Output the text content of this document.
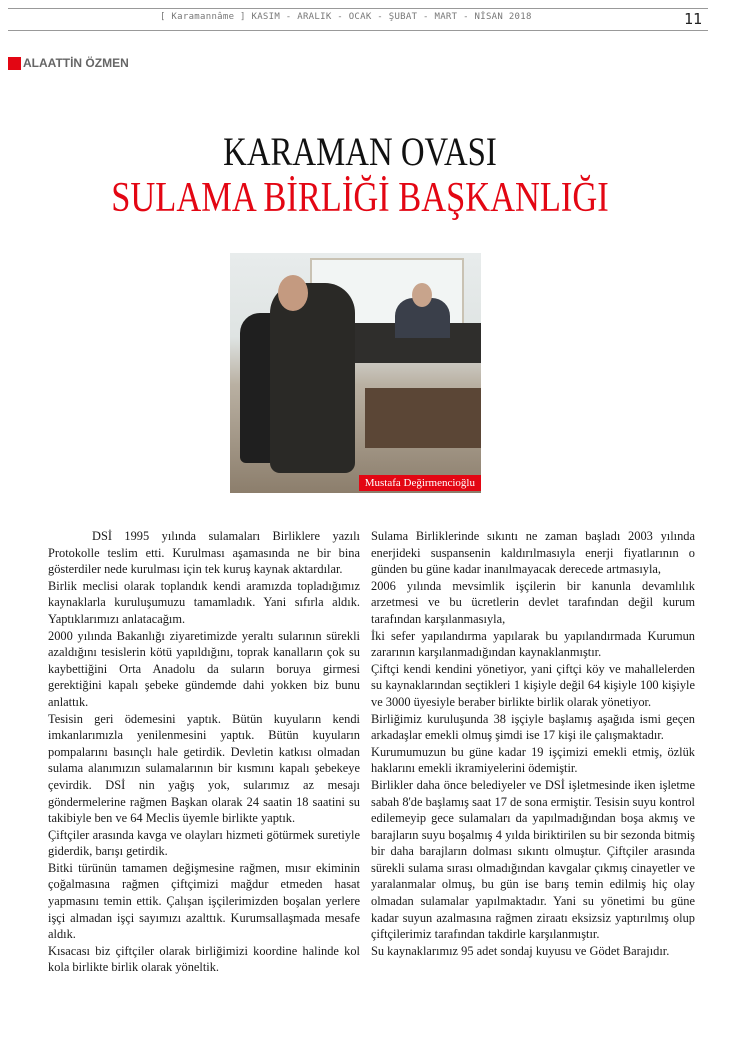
[ Karamannâme ] KASIM - ARALIK - OCAK - ŞUBAT - MART - NİSAN 2018	11
ALAATTİN ÖZMEN
KARAMAN OVASI
SULAMA BİRLİĞİ BAŞKANLIĞI
Mustafa Değirmencioğlu

DSİ 1995 yılında sulamaları Birliklere yazılı Protokolle teslim etti. Kurulması aşamasında ne bir bina gösterdiler nede kurulması için tek kuruş kaynak aktardılar.

Birlik meclisi olarak toplandık kendi aramızda topladığımız kaynaklarla kuruluşumuzu tamamladık. Yani sıfırla aldık. Yaptıklarımızı anlatacağım.

2000 yılında Bakanlığı ziyaretimizde yeraltı sularının sürekli azaldığını tesislerin kötü yapıldığını, toprak kanalların çok su kaybettiğini Orta Anadolu da suların boruya girmesi gerektiğini kapalı şebeke gündemde dahi yokken biz bunu anlattık.

Tesisin geri ödemesini yaptık. Bütün kuyuların kendi imkanlarımızla yenilenmesini yaptık. Bütün kuyuların pompalarını basınçlı hale getirdik. Devletin katkısı olmadan sulama alanımızın sulamalarının bir kısmını kapalı şebekeye çevirdik. DSİ nin yağış yok, sularımız az mesajı göndermelerine rağmen Başkan olarak 24 saatin 18 saatini su takibiyle ben ve 64 Meclis üyemle birlikte yaptık.

Çiftçiler arasında kavga ve olayları hizmeti götürmek suretiyle giderdik, barışı getirdik.

Bitki türünün tamamen değişmesine rağmen, mısır ekiminin çoğalmasına rağmen çiftçimizi mağdur etmeden hasat yapmasını temin ettik. Çalışan işçilerimizden boşalan yerlere işçi almadan işçi sayımızı azalttık. Kurumsallaşmada mesafe aldık.

Kısacası biz çiftçiler olarak birliğimizi koordine halinde kol kola birlikte birlik olarak yöneltik.

Sulama Birliklerinde sıkıntı ne zaman başladı 2003 yılında enerjideki suspansenin kaldırılmasıyla enerji fiyatlarının o günden bu güne kadar inanılmayacak derecede artmasıyla,

2006 yılında mevsimlik işçilerin bir kanunla devamlılık arzetmesi ve bu ücretlerin devlet tarafından değil kurum tarafından karşılanmasıyla,

İki sefer yapılandırma yapılarak bu yapılandırmada Kurumun zararının karşılanmadığından kaynaklanmıştır.

Çiftçi kendi kendini yönetiyor, yani çiftçi köy ve mahallelerden su kaynaklarından seçtikleri 1 kişiyle değil 64 kişiyle 100 kişiyle ve 3000 üyesiyle beraber birlikte birlik olarak yönetiyor.

Birliğimiz kuruluşunda 38 işçiyle başlamış aşağıda ismi geçen arkadaşlar emekli olmuş şimdi ise 17 kişi ile çalışmaktadır.

Kurumumuzun bu güne kadar 19 işçimizi emekli etmiş, özlük haklarını emekli ikramiyelerini ödemiştir.

Birlikler daha önce belediyeler ve DSİ işletmesinde iken işletme sabah 8'de başlamış saat 17 de sona ermiştir. Tesisin suyu kontrol edilemeyip gece sulamaları da yapılmadığından boşa akmış ve barajların suyu boşalmış 4 yılda biriktirilen su bir sezonda bitmiş bir daha barajların dolması sıkıntı olmuştur. Çiftçiler arasında sürekli sulama sırası olmadığından kavgalar çıkmış cinayetler ve yaralanmalar olmuş, bu gün ise barış temin edilmiş hiç olay olmadan sulamalar yapılmaktadır. Yani su yönetimi bu güne kadar suyun azalmasına rağmen ziraatı eksizsiz yaptırılmış olup çiftçilerimiz tarafından takdirle karşılanmıştır.

Su kaynaklarımız 95 adet sondaj kuyusu ve Gödet Barajıdır.
